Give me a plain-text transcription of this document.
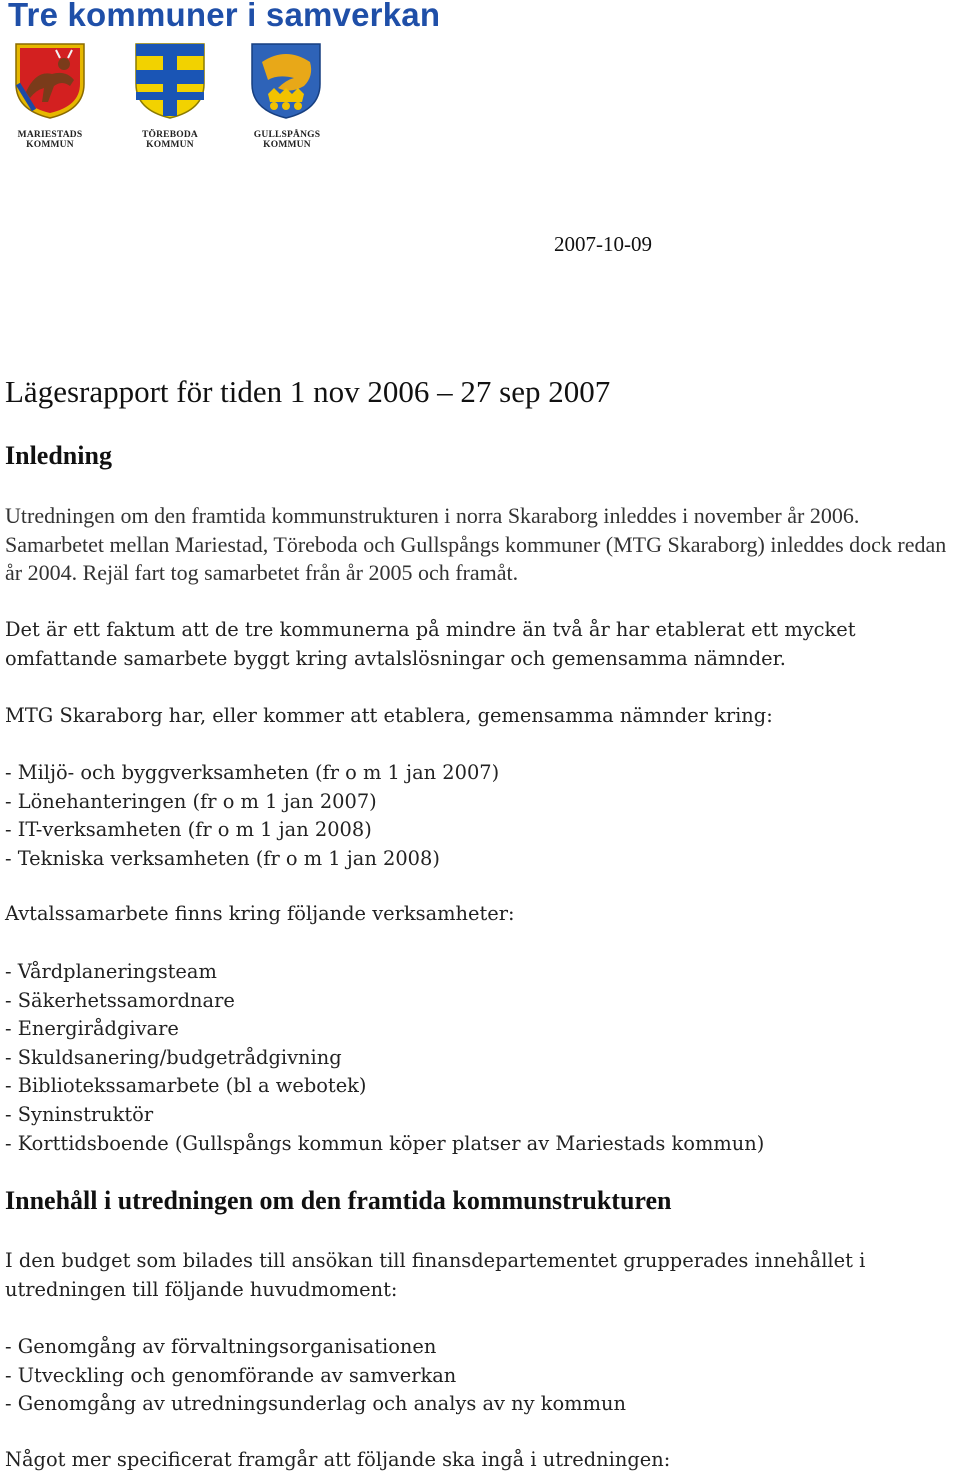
Tre kommuner i samverkan
MARIESTADS
KOMMUN
TÖREBODA
KOMMUN
GULLSPÅNGS
KOMMUN
2007-10-09
Lägesrapport för tiden 1 nov 2006 – 27 sep 2007
Inledning

Utredningen om den framtida kommunstrukturen i norra Skaraborg inleddes i november år 2006. Samarbetet mellan Mariestad, Töreboda och Gullspångs kommuner (MTG Skaraborg) inleddes dock redan år 2004. Rejäl fart tog samarbetet från år 2005 och framåt.

Det är ett faktum att de tre kommunerna på mindre än två år har etablerat ett mycket omfattande samarbete byggt kring avtalslösningar och gemensamma nämnder.

MTG Skaraborg har, eller kommer att etablera, gemensamma nämnder kring:

- Miljö- och byggverksamheten (fr o m 1 jan 2007)
- Lönehanteringen (fr o m 1 jan 2007)
- IT-verksamheten (fr o m 1 jan 2008)
- Tekniska verksamheten (fr o m 1 jan 2008)

Avtalssamarbete finns kring följande verksamheter:

- Vårdplaneringsteam
- Säkerhetssamordnare
- Energirådgivare
- Skuldsanering/budgetrådgivning
- Bibliotekssamarbete (bl a webotek)
- Syninstruktör
- Korttidsboende (Gullspångs kommun köper platser av Mariestads kommun)
Innehåll i utredningen om den framtida kommunstrukturen

I den budget som bilades till ansökan till finansdepartementet grupperades innehållet i utredningen till följande huvudmoment:

- Genomgång av förvaltningsorganisationen
- Utveckling och genomförande av samverkan
- Genomgång av utredningsunderlag och analys av ny kommun

Något mer specificerat framgår att följande ska ingå i utredningen:
